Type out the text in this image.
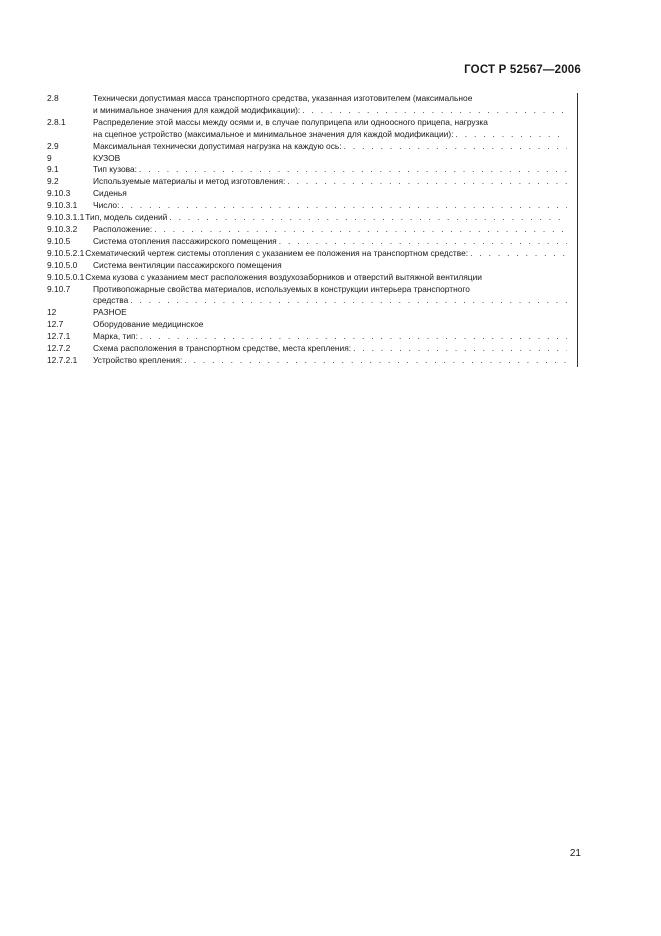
ГОСТ Р 52567—2006
2.8	Технически допустимая масса транспортного средства, указанная изготовителем (максимальное
и минимальное значения для каждой модификации):
. . .
2.8.1	Распределение этой массы между осями и, в случае полуприцепа или одноосного прицепа, нагрузка
на сцепное устройство (максимальное и минимальное значения для каждой модификации):
. . .
2.9	Максимальная технически допустимая нагрузка на каждую ось:
. . .
9	КУЗОВ
9.1	Тип кузова:
. . .
9.2	Используемые материалы и метод изготовления:
. . .
9.10.3	Сиденья
9.10.3.1	Число:
. . .
9.10.3.1.1 Тип, модель сидений
. . .
9.10.3.2	Расположение:
. . .
9.10.5	Система отопления пассажирского помещения
. . .
9.10.5.2.1 Схематический чертеж системы отопления с указанием ее положения на транспортном средстве:
. . .
9.10.5.0	Система вентиляции пассажирского помещения
9.10.5.0.1 Схема кузова с указанием мест расположения воздухозаборников и отверстий вытяжной вентиляции
9.10.7	Противопожарные свойства материалов, используемых в конструкции интерьера транспортного
средства
. . .
12	РАЗНОЕ
12.7	Оборудование медицинское
12.7.1	Марка, тип:
. . .
12.7.2	Схема расположения в транспортном средстве, места крепления:
. . .
12.7.2.1	Устройство крепления:
. . .
21
